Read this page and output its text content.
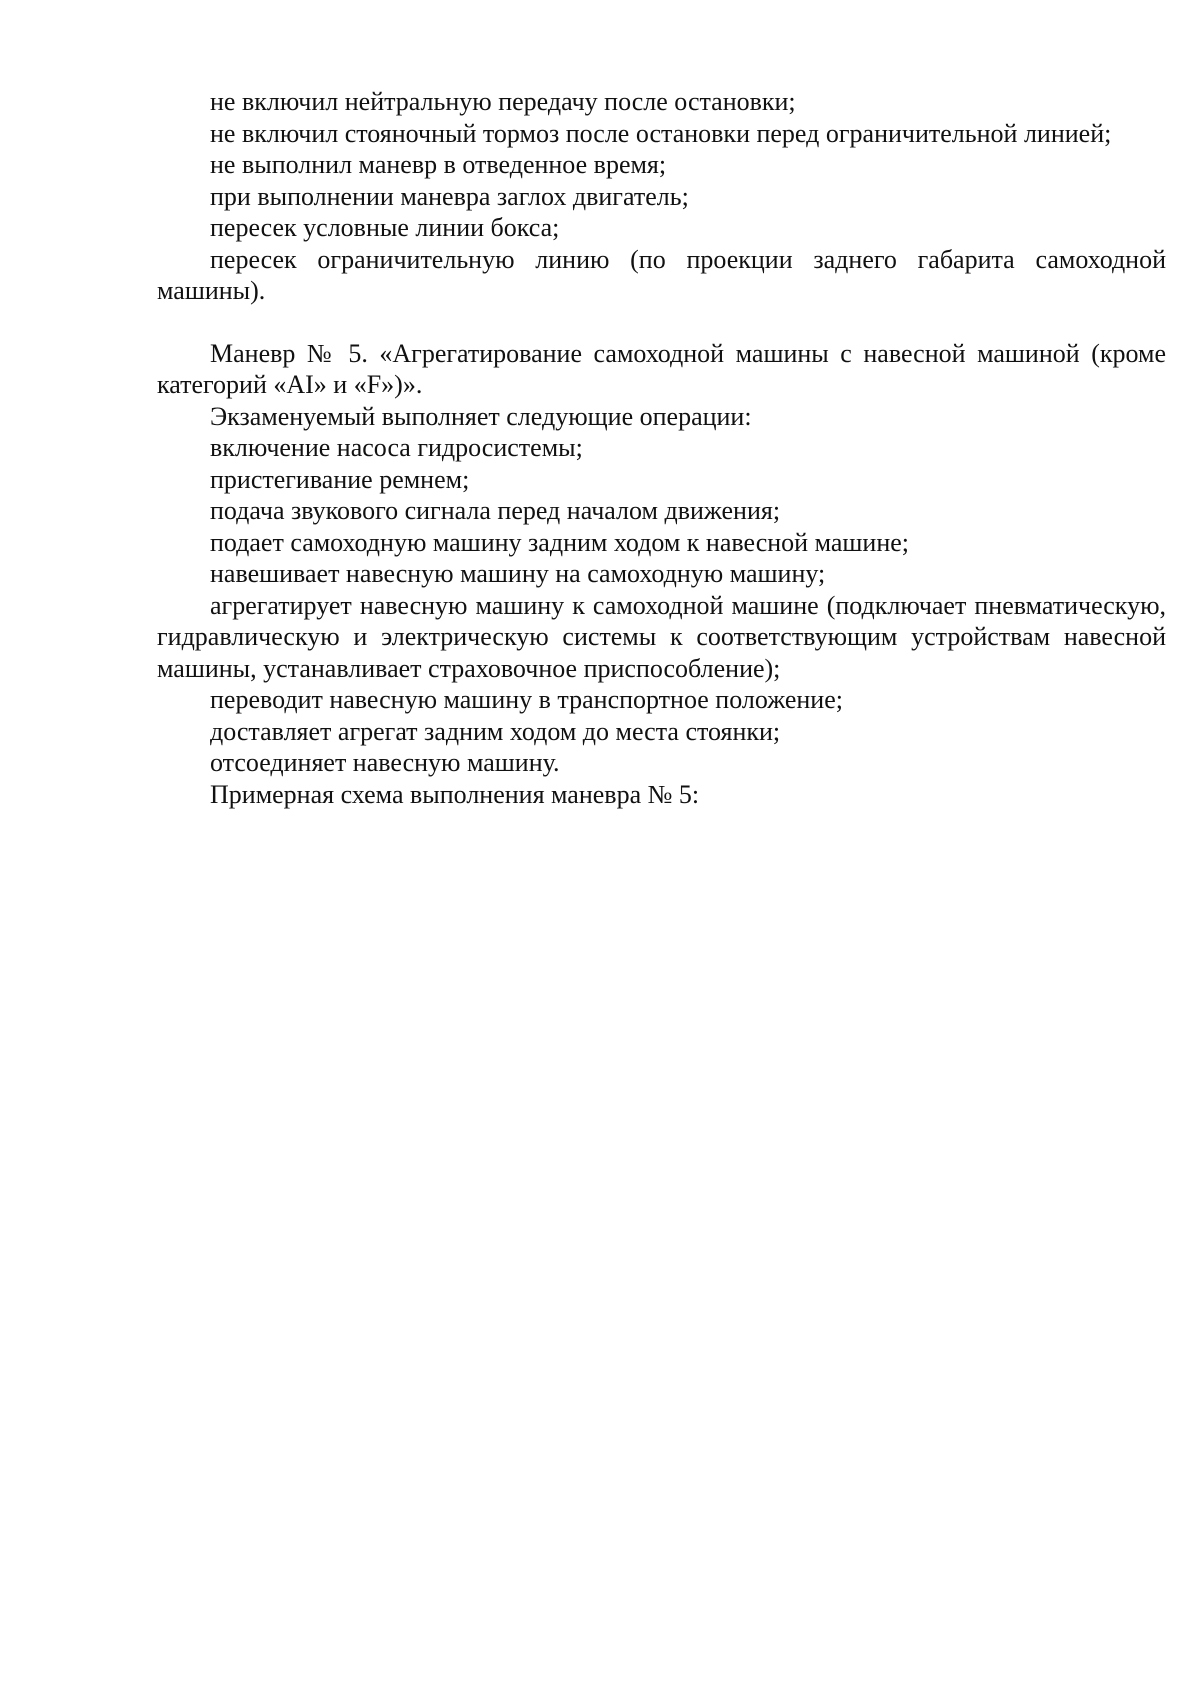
не включил нейтральную передачу после остановки;

не включил стояночный тормоз после остановки перед ограничительной линией;

не выполнил маневр в отведенное время;

при выполнении маневра заглох двигатель;

пересек условные линии бокса;

пересек ограничительную линию (по проекции заднего габарита самоходной машины).

Маневр № 5. «Агрегатирование самоходной машины с навесной машиной (кроме категорий «AI» и «F»)».

Экзаменуемый выполняет следующие операции:

включение насоса гидросистемы;

пристегивание ремнем;

подача звукового сигнала перед началом движения;

подает самоходную машину задним ходом к навесной машине;

навешивает навесную машину на самоходную машину;

агрегатирует навесную машину к самоходной машине (подключает пневматическую, гидравлическую и электрическую системы к соответствующим устройствам навесной машины, устанавливает страховочное приспособление);

переводит навесную машину в транспортное положение;

доставляет агрегат задним ходом до места стоянки;

отсоединяет навесную машину.

Примерная схема выполнения маневра № 5:
